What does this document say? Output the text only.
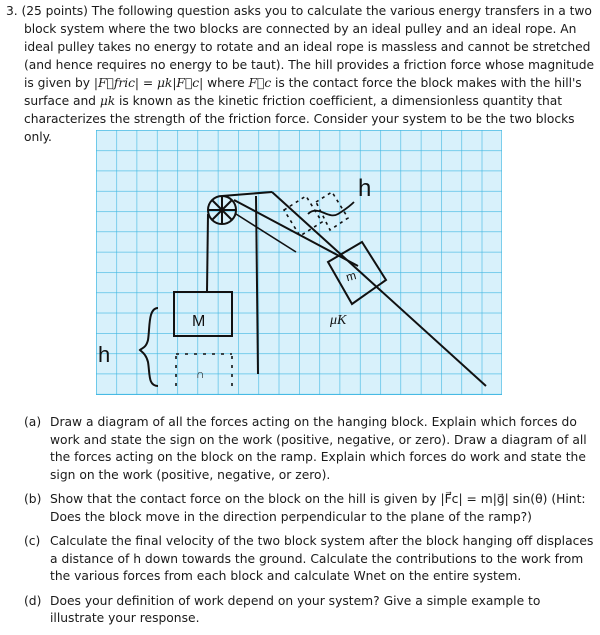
3. (25 points) The following question asks you to calculate the various energy transfers in a two block system where the two blocks are connected by an ideal pulley and an ideal rope. An ideal pulley takes no energy to rotate and an ideal rope is massless and cannot be stretched (and hence requires no energy to be taut). The hill provides a friction force whose magnitude is given by |F⃗fric| = μk|F⃗c| where F⃗c is the contact force the block makes with the hill's surface and μk is known as the kinetic friction coefficient, a dimensionless quantity that characterizes the strength of the friction force. Consider your system to be the two blocks only.

m
h
M
∩
h
μK
(a) Draw a diagram of all the forces acting on the hanging block. Explain which forces do work and state the sign on the work (positive, negative, or zero). Draw a diagram of all the forces acting on the block on the ramp. Explain which forces do work and state the sign on the work (positive, negative, or zero).
(b) Show that the contact force on the block on the hill is given by |F⃗c| = m|g⃗| sin(θ) (Hint: Does the block move in the direction perpendicular to the plane of the ramp?)
(c) Calculate the final velocity of the two block system after the block hanging off displaces a distance of h down towards the ground. Calculate the contributions to the work from the various forces from each block and calculate Wnet on the entire system.
(d) Does your definition of work depend on your system? Give a simple example to illustrate your response.
